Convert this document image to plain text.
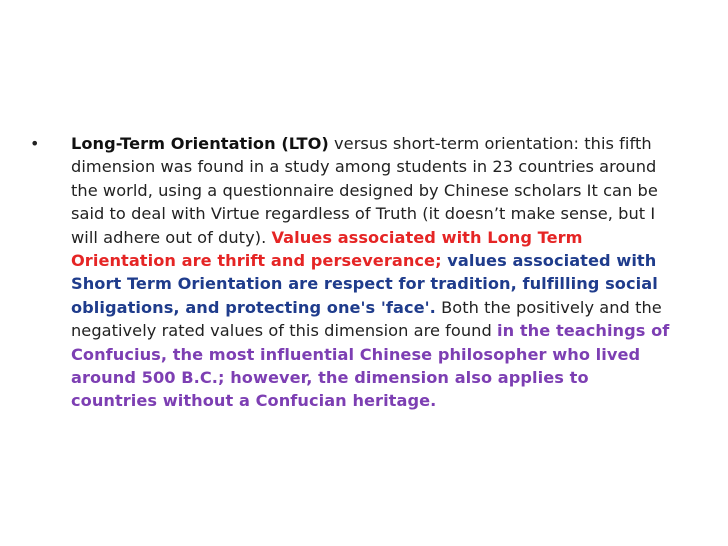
• Long-Term Orientation (LTO) versus short-term orientation: this fifth dimension was found in a study among students in 23 countries around the world, using a questionnaire designed by Chinese scholars It can be said to deal with Virtue regardless of Truth (it doesn’t make sense, but I will adhere out of duty). Values associated with Long Term Orientation are thrift and perseverance; values associated with Short Term Orientation are respect for tradition, fulfilling social obligations, and protecting one's 'face'. Both the positively and the negatively rated values of this dimension are found in the teachings of Confucius, the most influential Chinese philosopher who lived around 500 B.C.; however, the dimension also applies to countries without a Confucian heritage.
